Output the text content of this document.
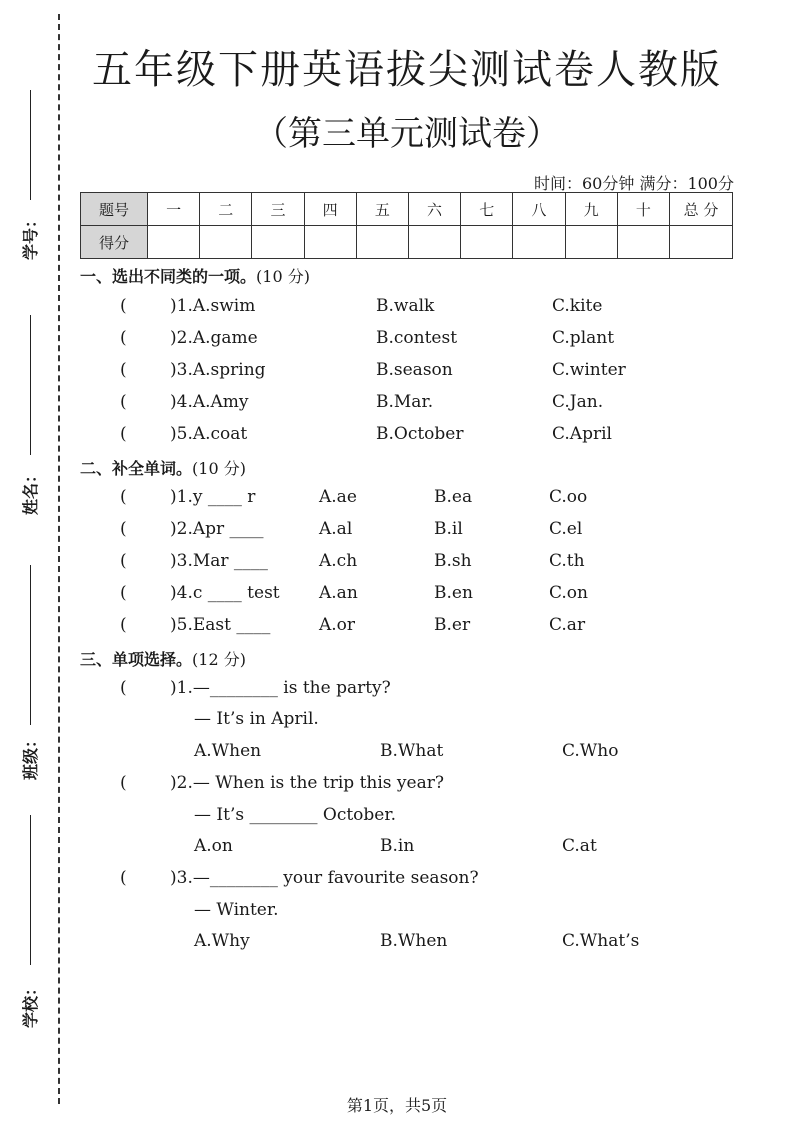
学号：
姓名：
班级：
学校：
五年级下册英语拔尖测试卷人教版
（第三单元测试卷）
时间：60分钟 满分：100分
题号	一	二	三	四	五	六	七	八	九	十	总 分
得分											
一、选出不同类的一项。(10 分)
(	)1.A.swim	B.walk	C.kite
(	)2.A.game	B.contest	C.plant
(	)3.A.spring	B.season	C.winter
(	)4.A.Amy	B.Mar.	C.Jan.
(	)5.A.coat	B.October	C.April
二、补全单词。(10 分)
(	)1.y ____ r	A.ae	B.ea	C.oo
(	)2.Apr ____	A.al	B.il	C.el
(	)3.Mar ____	A.ch	B.sh	C.th
(	)4.c ____ test A.an	B.en	C.on
(	)5.East ____	A.or	B.er	C.ar
三、单项选择。(12 分)
(	)1.—________ is the party?
— It’s in April.
A.When	B.What	C.Who
(	)2.— When is the trip this year?
— It’s ________ October.
A.on	B.in	C.at
(	)3.—________ your favourite season?
— Winter.
A.Why	B.When	C.What’s
第1页，共5页
